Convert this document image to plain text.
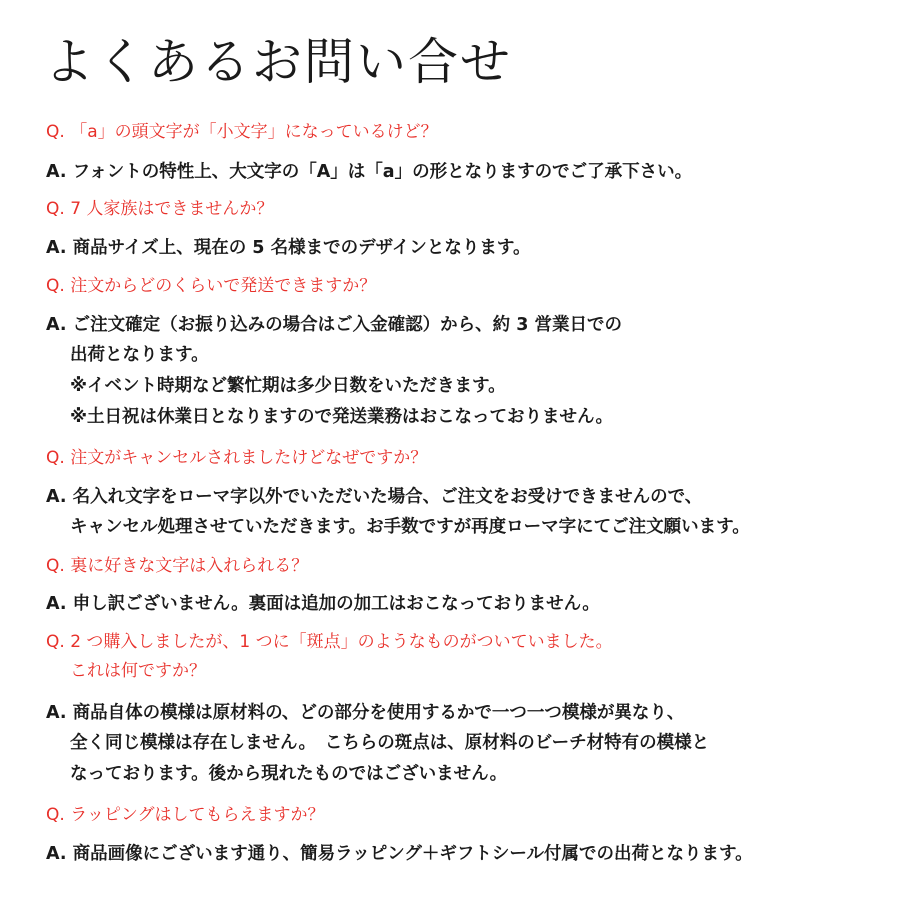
よくあるお問い合せ
Q. 「a」の頭文字が「小文字」になっているけど？
A. フォントの特性上、大文字の「A」は「a」の形となりますのでご了承下さい。
Q. 7 人家族はできませんか？
A. 商品サイズ上、現在の 5 名様までのデザインとなります。
Q. 注文からどのくらいで発送できますか？
A. ご注文確定（お振り込みの場合はご入金確認）から、約 3 営業日での
出荷となります。
※イベント時期など繁忙期は多少日数をいただきます。
※土日祝は休業日となりますので発送業務はおこなっておりません。
Q. 注文がキャンセルされましたけどなぜですか？
A. 名入れ文字をローマ字以外でいただいた場合、ご注文をお受けできませんので、
キャンセル処理させていただきます。お手数ですが再度ローマ字にてご注文願います。
Q. 裏に好きな文字は入れられる？
A. 申し訳ございません。裏面は追加の加工はおこなっておりません。
Q. 2 つ購入しましたが、1 つに「斑点」のようなものがついていました。
これは何ですか？
A. 商品自体の模様は原材料の、どの部分を使用するかで一つ一つ模様が異なり、
全く同じ模様は存在しません。　こちらの斑点は、原材料のビーチ材特有の模様と
なっております。後から現れたものではございません。
Q. ラッピングはしてもらえますか？
A. 商品画像にございます通り、簡易ラッピング＋ギフトシール付属での出荷となります。
